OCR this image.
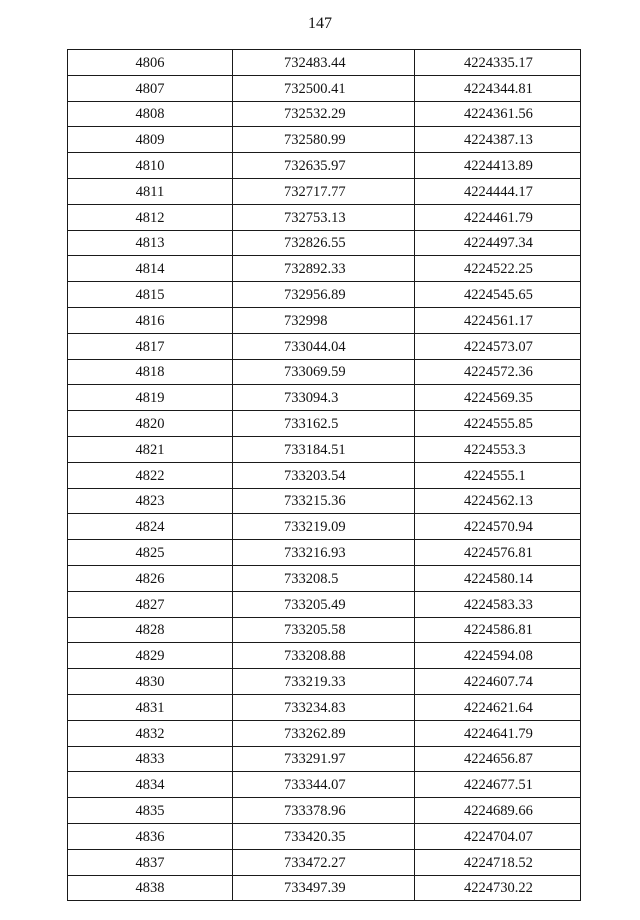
147
4806	732483.44	4224335.17
4807	732500.41	4224344.81
4808	732532.29	4224361.56
4809	732580.99	4224387.13
4810	732635.97	4224413.89
4811	732717.77	4224444.17
4812	732753.13	4224461.79
4813	732826.55	4224497.34
4814	732892.33	4224522.25
4815	732956.89	4224545.65
4816	732998	4224561.17
4817	733044.04	4224573.07
4818	733069.59	4224572.36
4819	733094.3	4224569.35
4820	733162.5	4224555.85
4821	733184.51	4224553.3
4822	733203.54	4224555.1
4823	733215.36	4224562.13
4824	733219.09	4224570.94
4825	733216.93	4224576.81
4826	733208.5	4224580.14
4827	733205.49	4224583.33
4828	733205.58	4224586.81
4829	733208.88	4224594.08
4830	733219.33	4224607.74
4831	733234.83	4224621.64
4832	733262.89	4224641.79
4833	733291.97	4224656.87
4834	733344.07	4224677.51
4835	733378.96	4224689.66
4836	733420.35	4224704.07
4837	733472.27	4224718.52
4838	733497.39	4224730.22
